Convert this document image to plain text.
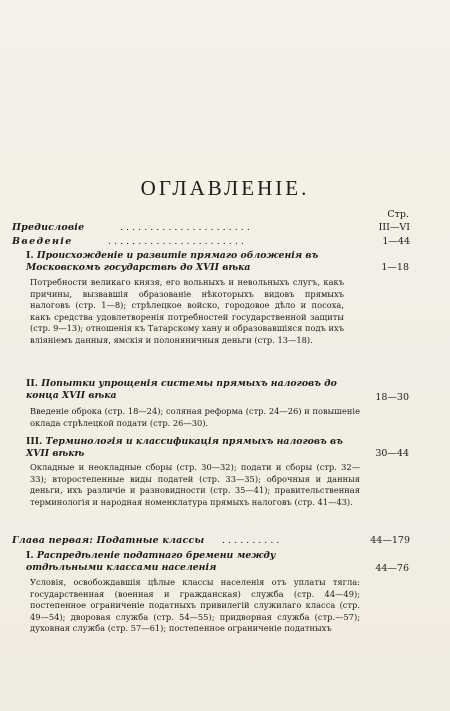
ОГЛАВЛЕНІЕ.
Стр.
Предисловіе	. . . . . . . . . . . . . . . . . . . . . .	III—VI
Введеніе	. . . . . . . . . . . . . . . . . . . . . . .	1—44
I. Происхожденіе и развитіе прямаго обложенія въ Московскомъ государствѣ до XVII вѣка	1—18
Потребности великаго князя, его вольныхъ и невольныхъ слугъ, какъ причины, вызвавшія образованіе нѣкоторыхъ видовъ прямыхъ налоговъ (стр. 1—8); стрѣлецкое войско, городовое дѣло и посоха, какъ средства удовлетворенія потребностей государственной защиты (стр. 9—13); отношенія къ Татарскому хану и образовавшіяся подъ ихъ вліяніемъ данныя, ямскія и полоняничныя деньги (стр. 13—18).
II. Попытки упрощенія системы прямыхъ налоговъ до конца XVII вѣка	18—30
Введеніе оброка (стр. 18—24); соляная реформа (стр. 24—26) и повышеніе оклада стрѣлецкой подати (стр. 26—30).
III. Терминологія и классификація прямыхъ налоговъ въ XVII вѣкѣ	30—44
Окладные и неокладные сборы (стр. 30—32); подати и сборы (стр. 32—33); второстепенные виды податей (стр. 33—35); оброчныя и данныя деньги, ихъ различіе и разновидности (стр. 35—41); правительственная терминологія и народная номенклатура прямыхъ налоговъ (стр. 41—43).
Глава первая: Податные классы . . . . . . . . . .	44—179
I. Распредѣленіе податнаго бремени между отдѣльными классами населенія	44—76
Условія, освобождавшія цѣлые классы населенія отъ уплаты тягла: государственная (военная и гражданская) служба (стр. 44—49); постепенное ограниченіе податныхъ привилегій служилаго класса (стр. 49—54); дворовая служба (стр. 54—55); придворная служба (стр.—57); духовная служба (стр. 57—61); постепенное ограниченіе податныхъ
